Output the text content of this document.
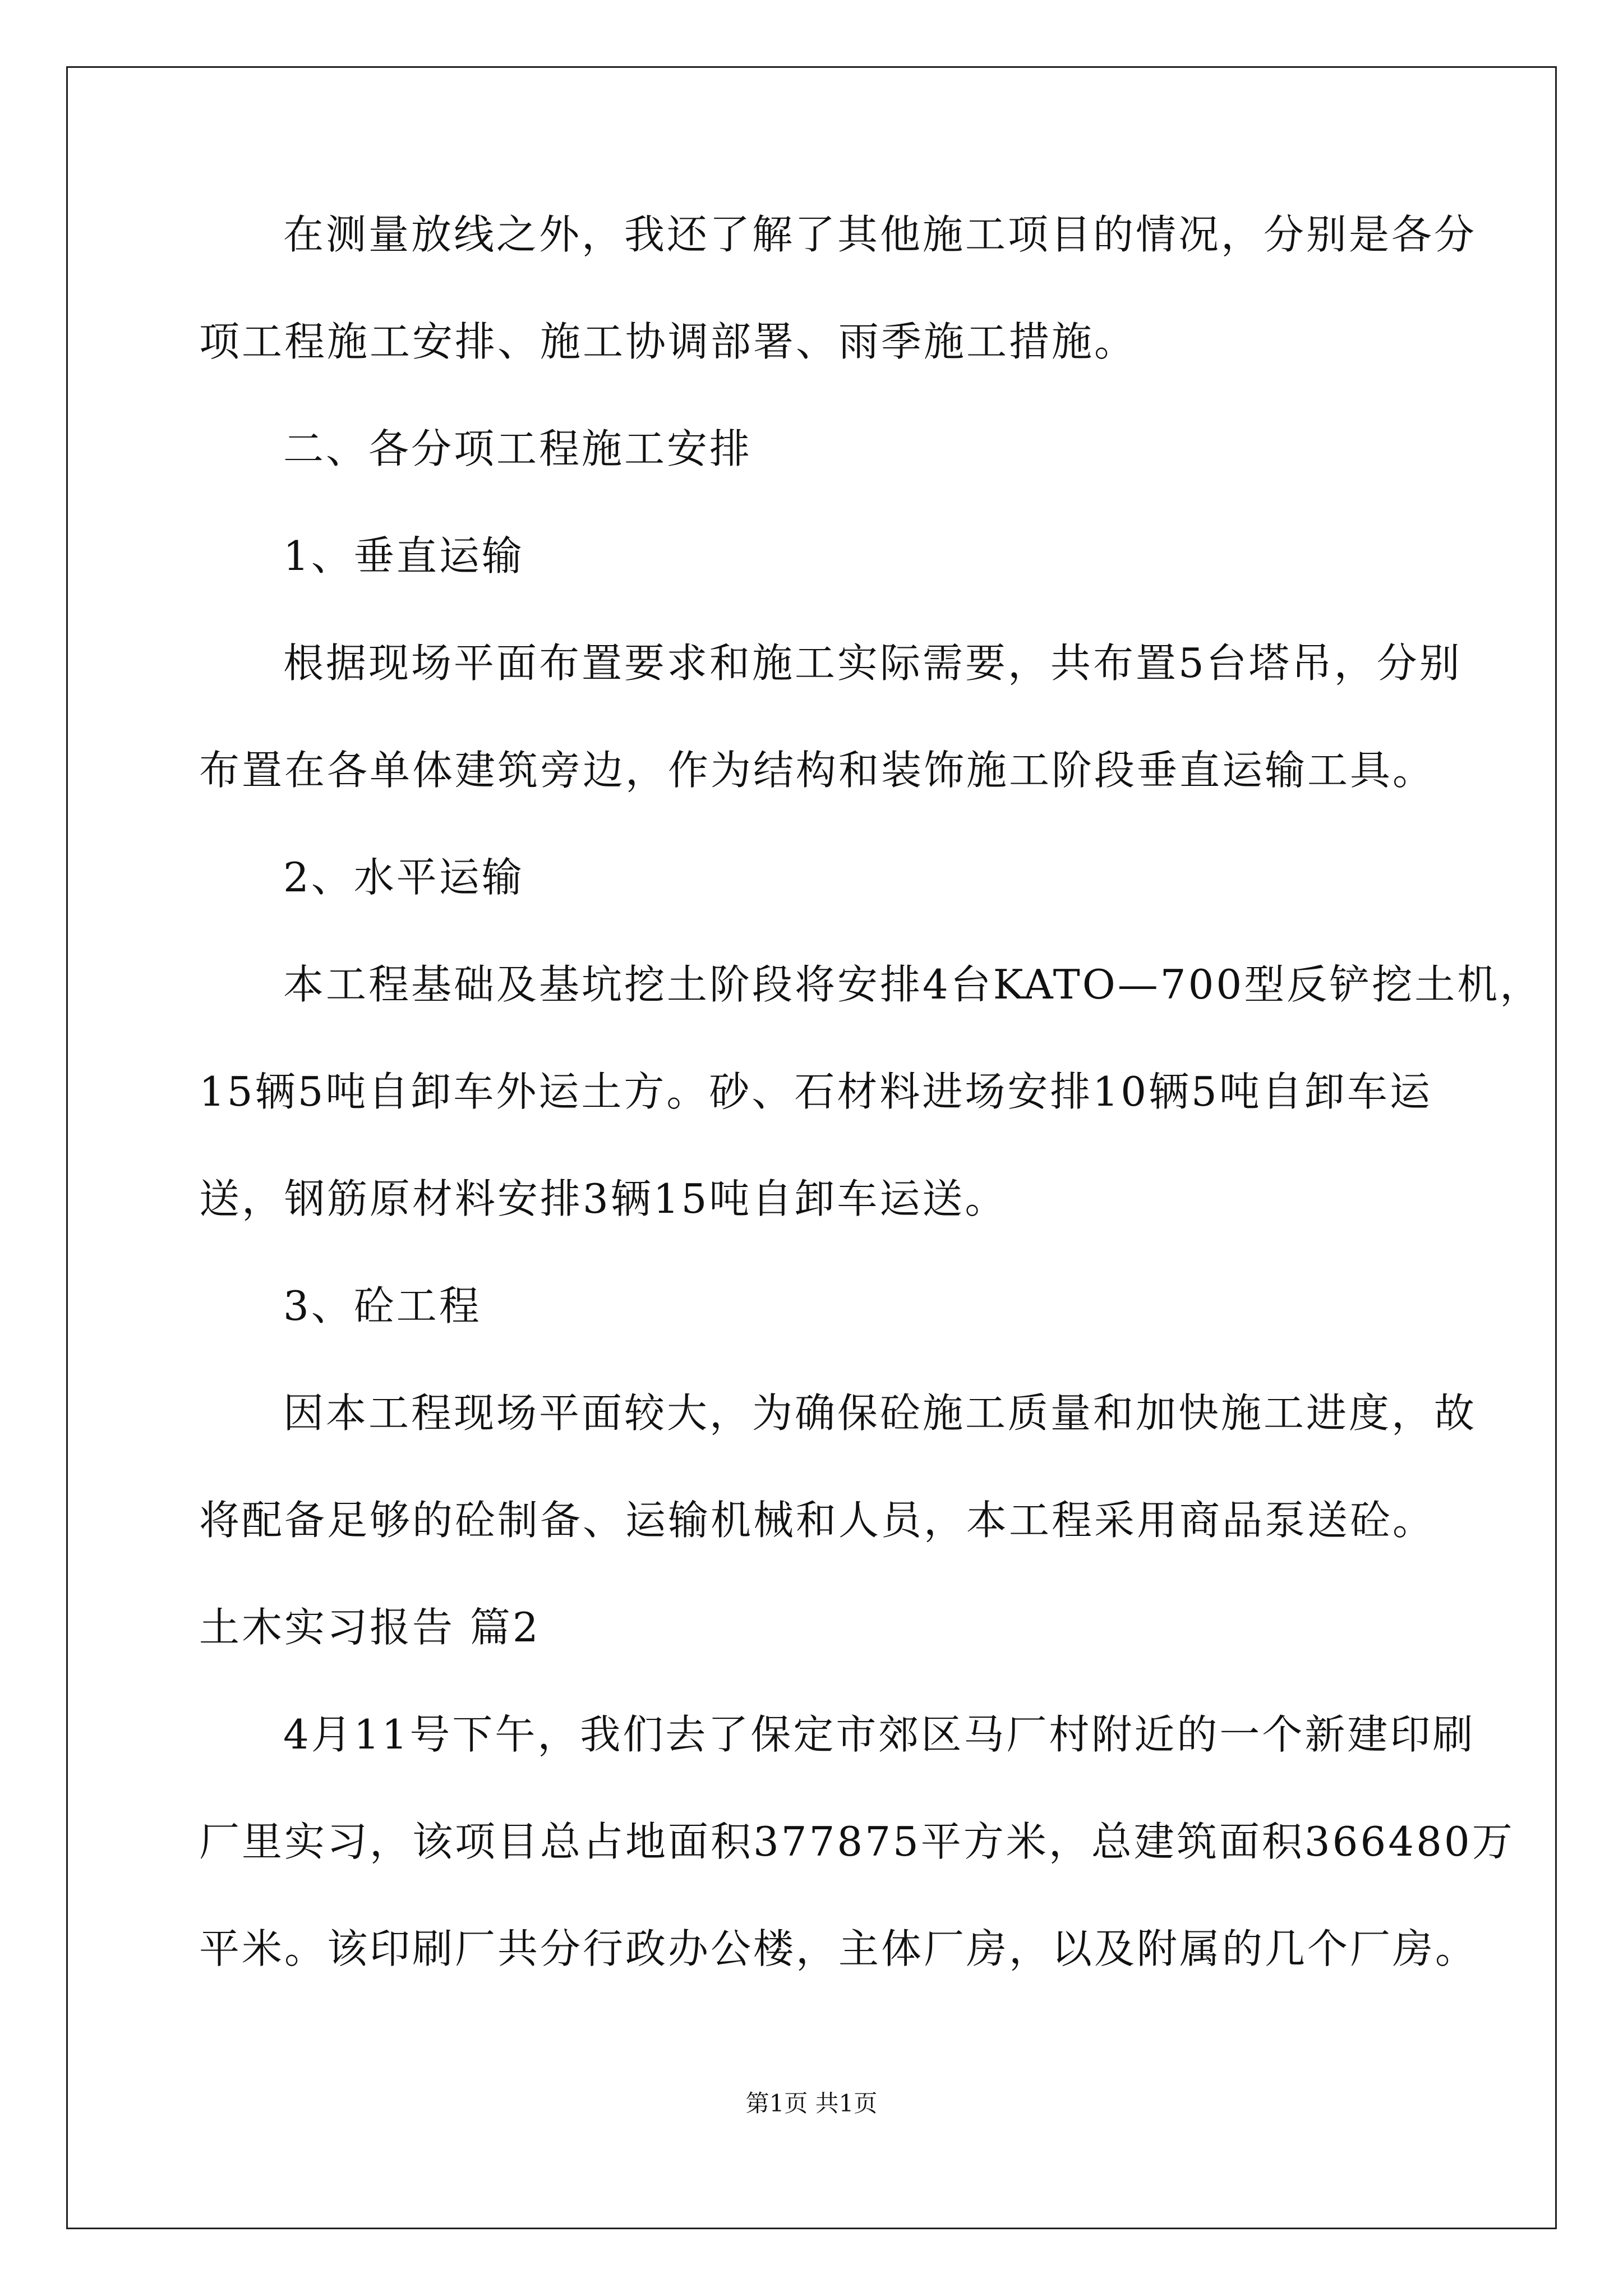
在测量放线之外，我还了解了其他施工项目的情况，分别是各分
项工程施工安排、施工协调部署、雨季施工措施。
二、各分项工程施工安排
1、垂直运输
根据现场平面布置要求和施工实际需要，共布置5台塔吊，分别
布置在各单体建筑旁边，作为结构和装饰施工阶段垂直运输工具。
2、水平运输
本工程基础及基坑挖土阶段将安排4台KATO—700型反铲挖土机，
15辆5吨自卸车外运土方。砂、石材料进场安排10辆5吨自卸车运
送，钢筋原材料安排3辆15吨自卸车运送。
3、砼工程
因本工程现场平面较大，为确保砼施工质量和加快施工进度，故
将配备足够的砼制备、运输机械和人员，本工程采用商品泵送砼。
土木实习报告 篇2
4月11号下午，我们去了保定市郊区马厂村附近的一个新建印刷
厂里实习，该项目总占地面积377875平方米，总建筑面积366480万
平米。该印刷厂共分行政办公楼，主体厂房，以及附属的几个厂房。
第1页 共1页
